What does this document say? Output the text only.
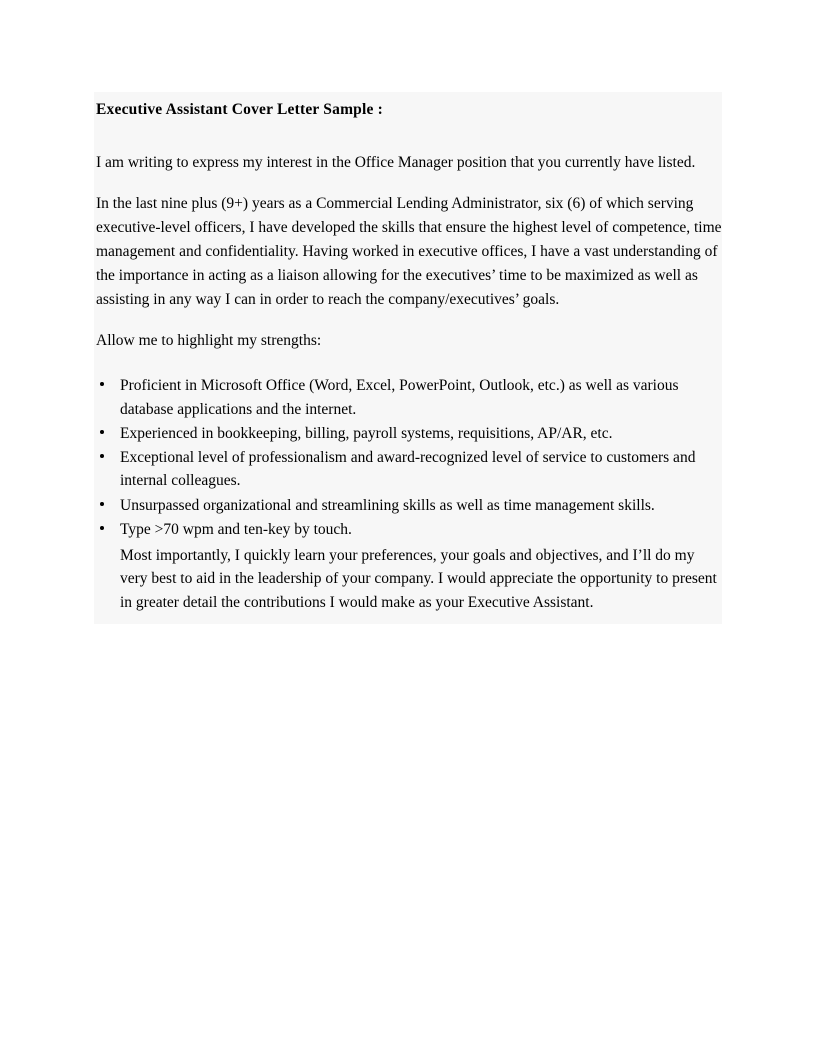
Executive Assistant Cover Letter Sample :

I am writing to express my interest in the Office Manager position that you currently have listed.

In the last nine plus (9+) years as a Commercial Lending Administrator, six (6) of which serving executive-level officers, I have developed the skills that ensure the highest level of competence, time management and confidentiality. Having worked in executive offices, I have a vast understanding of the importance in acting as a liaison allowing for the executives’ time to be maximized as well as assisting in any way I can in order to reach the company/executives’ goals.

Allow me to highlight my strengths:

Proficient in Microsoft Office (Word, Excel, PowerPoint, Outlook, etc.) as well as various database applications and the internet.
Experienced in bookkeeping, billing, payroll systems, requisitions, AP/AR, etc.
Exceptional level of professionalism and award-recognized level of service to customers and internal colleagues.
Unsurpassed organizational and streamlining skills as well as time management skills.
Type >70 wpm and ten-key by touch.

Most importantly, I quickly learn your preferences, your goals and objectives, and I’ll do my very best to aid in the leadership of your company. I would appreciate the opportunity to present in greater detail the contributions I would make as your Executive Assistant.
